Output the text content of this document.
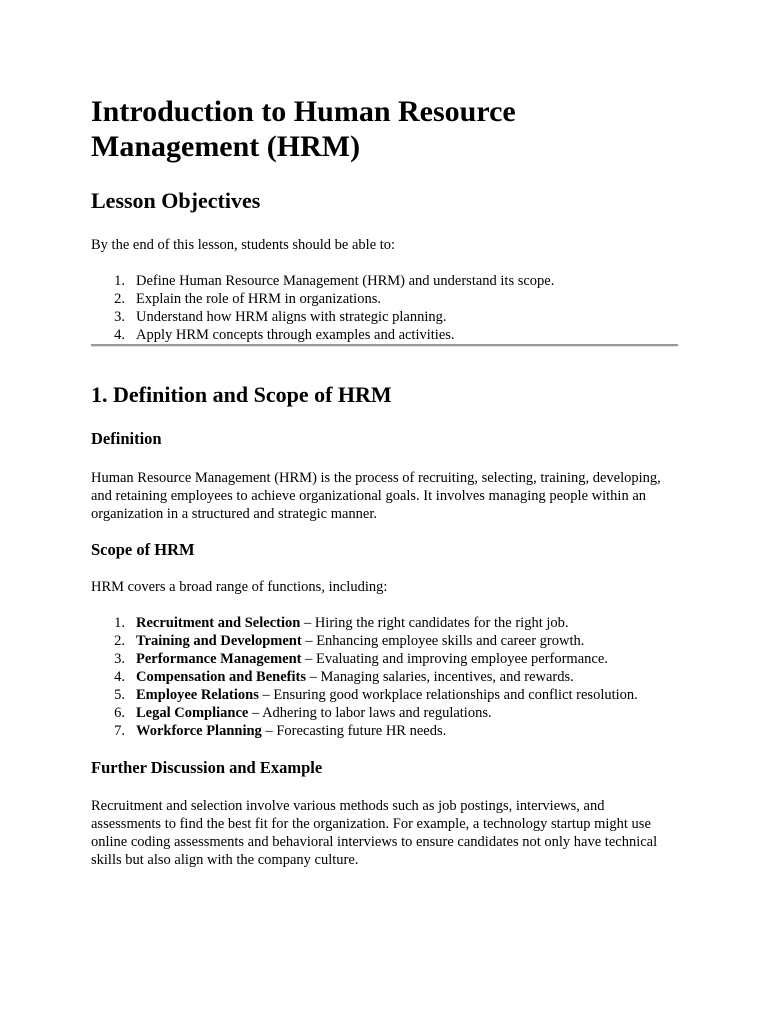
Introduction to Human Resource Management (HRM)
Lesson Objectives

By the end of this lesson, students should be able to:

1. Define Human Resource Management (HRM) and understand its scope.
2. Explain the role of HRM in organizations.
3. Understand how HRM aligns with strategic planning.
4. Apply HRM concepts through examples and activities.
1. Definition and Scope of HRM
Definition

Human Resource Management (HRM) is the process of recruiting, selecting, training, developing, and retaining employees to achieve organizational goals. It involves managing people within an organization in a structured and strategic manner.

Scope of HRM

HRM covers a broad range of functions, including:

1. Recruitment and Selection – Hiring the right candidates for the right job.
2. Training and Development – Enhancing employee skills and career growth.
3. Performance Management – Evaluating and improving employee performance.
4. Compensation and Benefits – Managing salaries, incentives, and rewards.
5. Employee Relations – Ensuring good workplace relationships and conflict resolution.
6. Legal Compliance – Adhering to labor laws and regulations.
7. Workforce Planning – Forecasting future HR needs.
Further Discussion and Example

Recruitment and selection involve various methods such as job postings, interviews, and assessments to find the best fit for the organization. For example, a technology startup might use online coding assessments and behavioral interviews to ensure candidates not only have technical skills but also align with the company culture.
